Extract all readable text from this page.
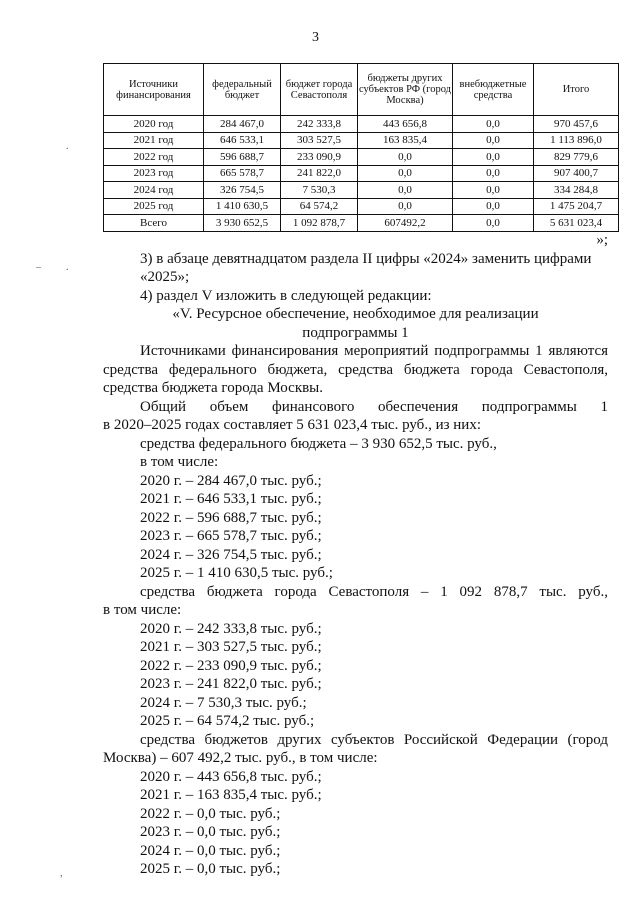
3
Источники финансирования	федеральный бюджет	бюджет города Севастополя	бюджеты других субъектов РФ (город Москва)	внебюджетные средства	Итого
2020 год	284 467,0	242 333,8	443 656,8	0,0	970 457,6
2021 год	646 533,1	303 527,5	163 835,4	0,0	1 113 896,0
2022 год	596 688,7	233 090,9	0,0	0,0	829 779,6
2023 год	665 578,7	241 822,0	0,0	0,0	907 400,7
2024 год	326 754,5	7 530,3	0,0	0,0	334 284,8
2025 год	1 410 630,5	64 574,2	0,0	0,0	1 475 204,7
Всего	3 930 652,5	1 092 878,7	607492,2	0,0	5 631 023,4
»;
3) в абзаце девятнадцатом раздела II цифры «2024» заменить цифрами
«2025»;
4) раздел V изложить в следующей редакции:
«V. Ресурсное обеспечение, необходимое для реализации
подпрограммы 1
Источниками финансирования мероприятий подпрограммы 1 являются
средства федерального бюджета, средства бюджета города Севастополя,
средства бюджета города Москвы.
Общий объем финансового обеспечения подпрограммы 1
в 2020–2025 годах составляет 5 631 023,4 тыс. руб., из них:
средства федерального бюджета – 3 930 652,5 тыс. руб.,
в том числе:
2020 г. – 284 467,0 тыс. руб.;
2021 г. – 646 533,1 тыс. руб.;
2022 г. – 596 688,7 тыс. руб.;
2023 г. – 665 578,7 тыс. руб.;
2024 г. – 326 754,5 тыс. руб.;
2025 г. – 1 410 630,5 тыс. руб.;
средства бюджета города Севастополя – 1 092 878,7 тыс. руб.,
в том числе:
2020 г. – 242 333,8 тыс. руб.;
2021 г. – 303 527,5 тыс. руб.;
2022 г. – 233 090,9 тыс. руб.;
2023 г. – 241 822,0 тыс. руб.;
2024 г. – 7 530,3 тыс. руб.;
2025 г. – 64 574,2 тыс. руб.;
средства бюджетов других субъектов Российской Федерации (город
Москва) – 607 492,2 тыс. руб., в том числе:
2020 г. – 443 656,8 тыс. руб.;
2021 г. – 163 835,4 тыс. руб.;
2022 г. – 0,0 тыс. руб.;
2023 г. – 0,0 тыс. руб.;
2024 г. – 0,0 тыс. руб.;
2025 г. – 0,0 тыс. руб.;
.
–	.
,
